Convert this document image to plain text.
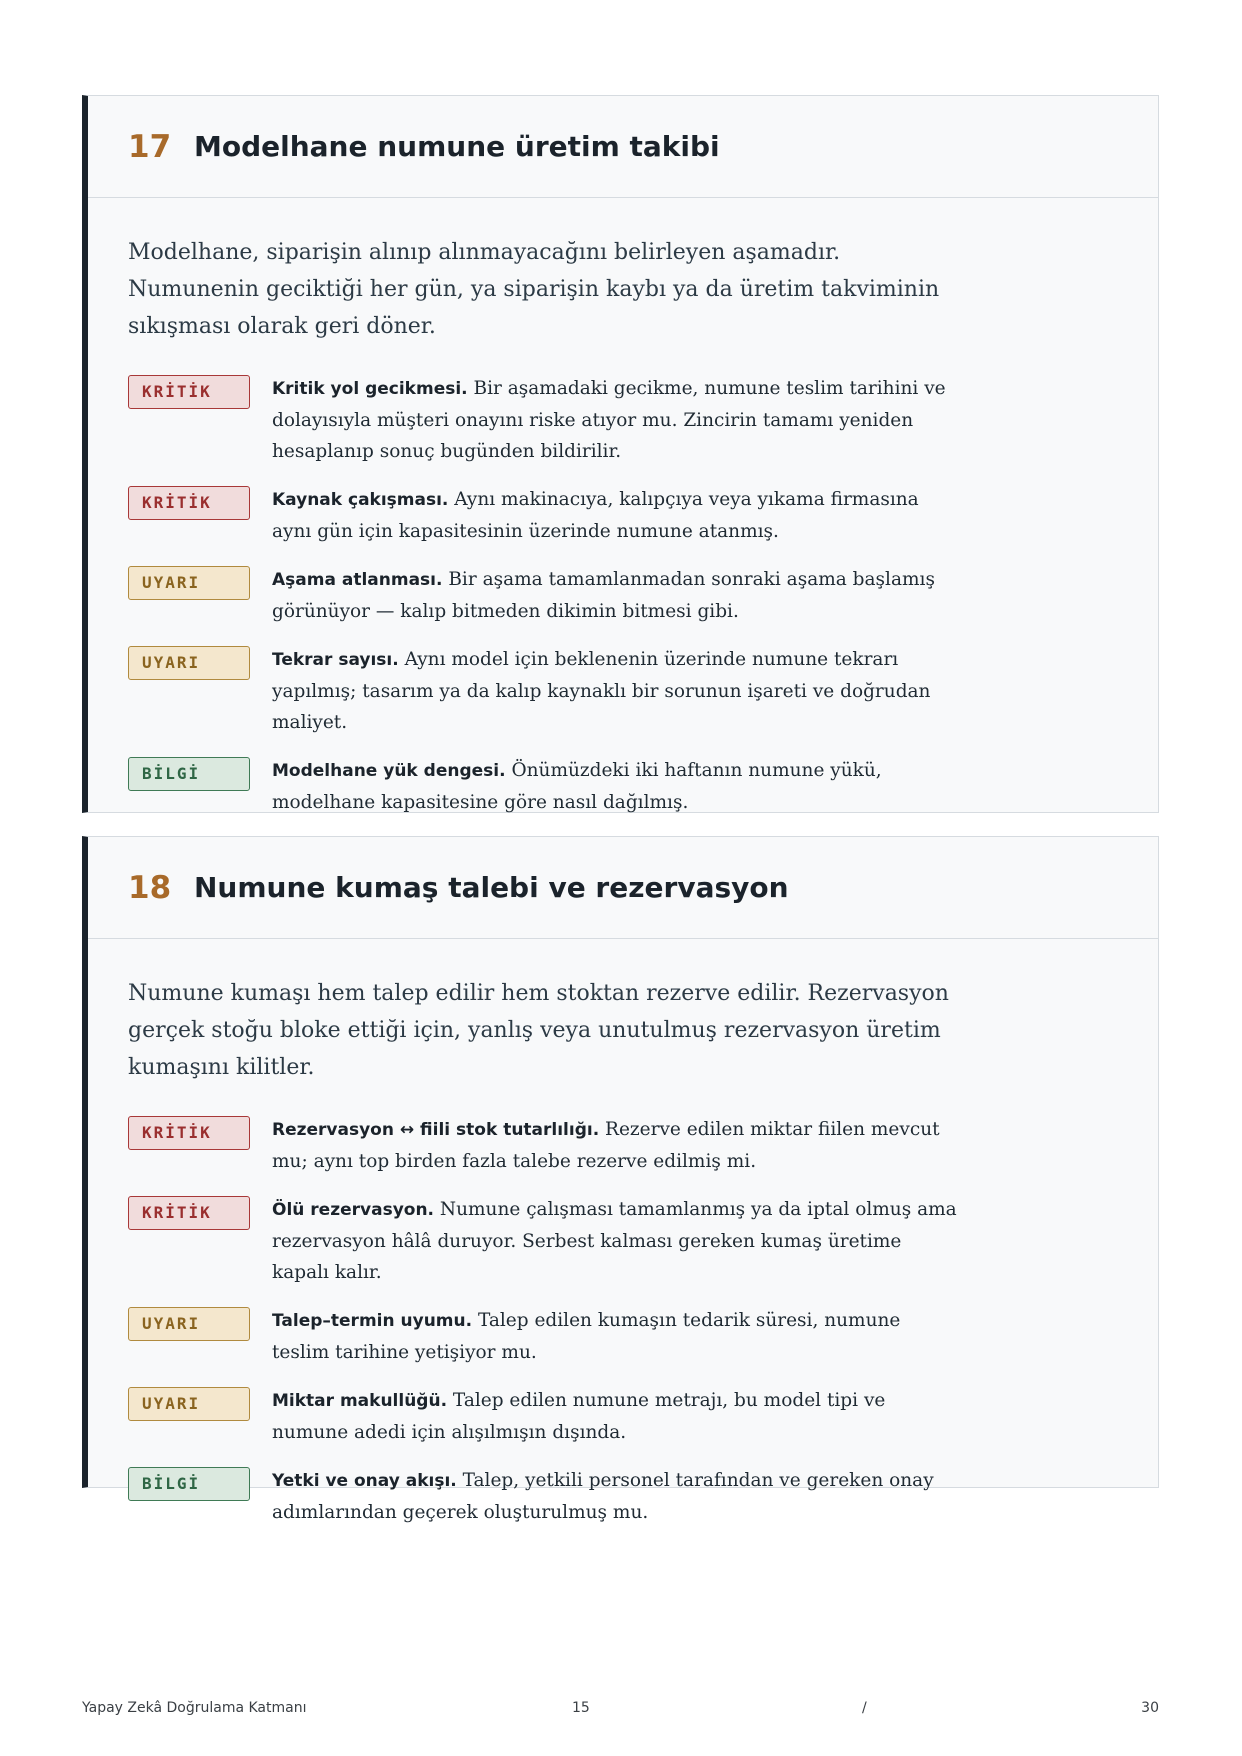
17 Modelhane numune üretim takibi

Modelhane, siparişin alınıp alınmayacağını belirleyen aşamadır. Numunenin geciktiği her gün, ya siparişin kaybı ya da üretim takviminin sıkışması olarak geri döner.

KRİTİK	Kritik yol gecikmesi. Bir aşamadaki gecikme, numune teslim tarihini ve dolayısıyla müşteri onayını riske atıyor mu. Zincirin tamamı yeniden hesaplanıp sonuç bugünden bildirilir.
KRİTİK	Kaynak çakışması. Aynı makinacıya, kalıpçıya veya yıkama firmasına aynı gün için kapasitesinin üzerinde numune atanmış.
UYARI	Aşama atlanması. Bir aşama tamamlanmadan sonraki aşama başlamış görünüyor — kalıp bitmeden dikimin bitmesi gibi.
UYARI	Tekrar sayısı. Aynı model için beklenenin üzerinde numune tekrarı yapılmış; tasarım ya da kalıp kaynaklı bir sorunun işareti ve doğrudan maliyet.
BİLGİ	Modelhane yük dengesi. Önümüzdeki iki haftanın numune yükü, modelhane kapasitesine göre nasıl dağılmış.
18 Numune kumaş talebi ve rezervasyon

Numune kumaşı hem talep edilir hem stoktan rezerve edilir. Rezervasyon gerçek stoğu bloke ettiği için, yanlış veya unutulmuş rezervasyon üretim kumaşını kilitler.

KRİTİK	Rezervasyon ↔ fiili stok tutarlılığı. Rezerve edilen miktar fiilen mevcut mu; aynı top birden fazla talebe rezerve edilmiş mi.
KRİTİK	Ölü rezervasyon. Numune çalışması tamamlanmış ya da iptal olmuş ama rezervasyon hâlâ duruyor. Serbest kalması gereken kumaş üretime kapalı kalır.
UYARI	Talep–termin uyumu. Talep edilen kumaşın tedarik süresi, numune teslim tarihine yetişiyor mu.
UYARI	Miktar makullüğü. Talep edilen numune metrajı, bu model tipi ve numune adedi için alışılmışın dışında.
BİLGİ	Yetki ve onay akışı. Talep, yetkili personel tarafından ve gereken onay adımlarından geçerek oluşturulmuş mu.
Yapay Zekâ Doğrulama Katmanı	15	/	30
